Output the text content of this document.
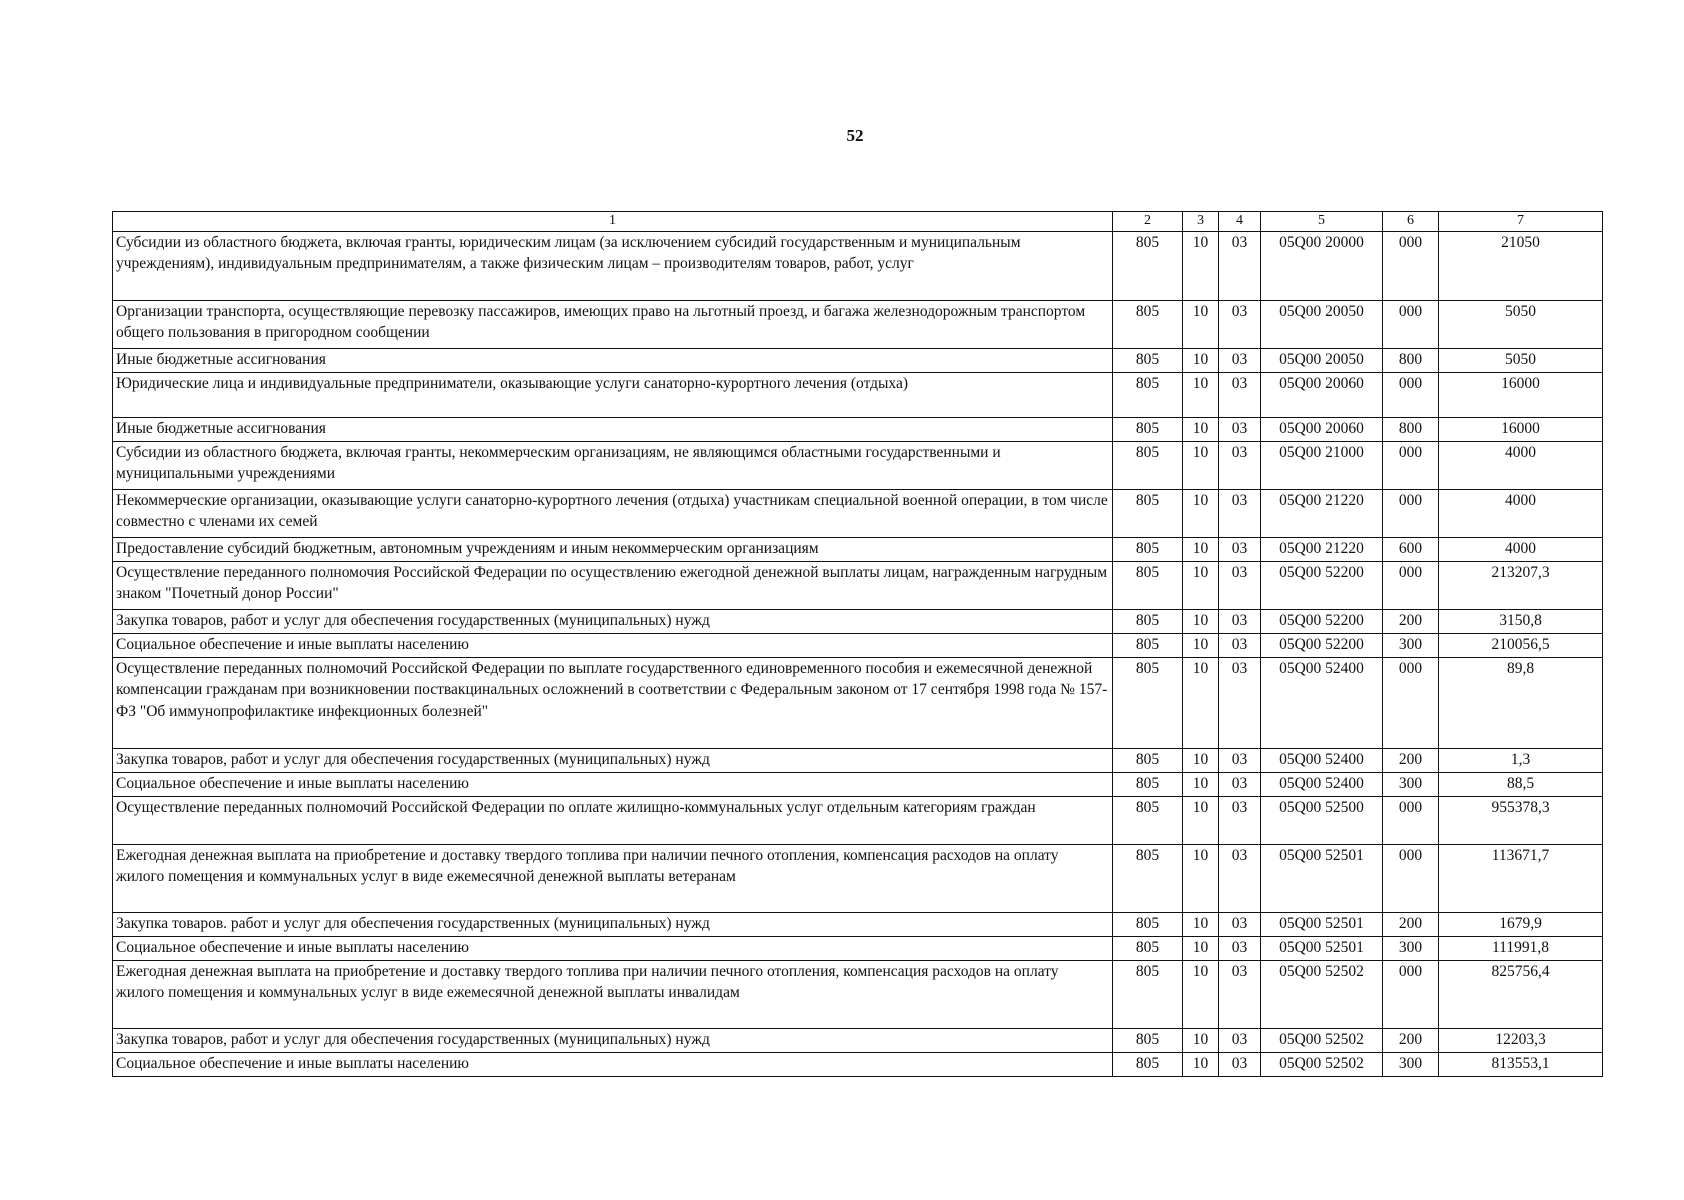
52
1	2	3	4	5	6	7
Субсидии из областного бюджета, включая гранты, юридическим лицам (за исключением субсидий государственным и муниципальным учреждениям), индивидуальным предпринимателям, а также физическим лицам – производителям товаров, работ, услуг	805	10	03	05Q00 20000	000	21050
Организации транспорта, осуществляющие перевозку пассажиров, имеющих право на льготный проезд, и багажа железнодорожным транспортом общего пользования в пригородном сообщении	805	10	03	05Q00 20050	000	5050
Иные бюджетные ассигнования	805	10	03	05Q00 20050	800	5050
Юридические лица и индивидуальные предприниматели, оказывающие услуги санаторно-курортного лечения (отдыха)	805	10	03	05Q00 20060	000	16000
Иные бюджетные ассигнования	805	10	03	05Q00 20060	800	16000
Субсидии из областного бюджета, включая гранты, некоммерческим организациям, не являющимся областными государственными и муниципальными учреждениями	805	10	03	05Q00 21000	000	4000
Некоммерческие организации, оказывающие услуги санаторно-курортного лечения (отдыха) участникам специальной военной операции, в том числе совместно с членами их семей	805	10	03	05Q00 21220	000	4000
Предоставление субсидий бюджетным, автономным учреждениям и иным некоммерческим организациям	805	10	03	05Q00 21220	600	4000
Осуществление переданного полномочия Российской Федерации по осуществлению ежегодной денежной выплаты лицам, награжденным нагрудным знаком "Почетный донор России"	805	10	03	05Q00 52200	000	213207,3
Закупка товаров, работ и услуг для обеспечения государственных (муниципальных) нужд	805	10	03	05Q00 52200	200	3150,8
Социальное обеспечение и иные выплаты населению	805	10	03	05Q00 52200	300	210056,5
Осуществление переданных полномочий Российской Федерации по выплате государственного единовременного пособия и ежемесячной денежной компенсации гражданам при возникновении поствакцинальных осложнений в соответствии с Федеральным законом от 17 сентября 1998 года № 157-ФЗ "Об иммунопрофилактике инфекционных болезней"	805	10	03	05Q00 52400	000	89,8
Закупка товаров, работ и услуг для обеспечения государственных (муниципальных) нужд	805	10	03	05Q00 52400	200	1,3
Социальное обеспечение и иные выплаты населению	805	10	03	05Q00 52400	300	88,5
Осуществление переданных полномочий Российской Федерации по оплате жилищно-коммунальных услуг отдельным категориям граждан	805	10	03	05Q00 52500	000	955378,3
Ежегодная денежная выплата на приобретение и доставку твердого топлива при наличии печного отопления, компенсация расходов на оплату жилого помещения и коммунальных услуг в виде ежемесячной денежной выплаты ветеранам	805	10	03	05Q00 52501	000	113671,7
Закупка товаров. работ и услуг для обеспечения государственных (муниципальных) нужд	805	10	03	05Q00 52501	200	1679,9
Социальное обеспечение и иные выплаты населению	805	10	03	05Q00 52501	300	111991,8
Ежегодная денежная выплата на приобретение и доставку твердого топлива при наличии печного отопления, компенсация расходов на оплату жилого помещения и коммунальных услуг в виде ежемесячной денежной выплаты инвалидам	805	10	03	05Q00 52502	000	825756,4
Закупка товаров, работ и услуг для обеспечения государственных (муниципальных) нужд	805	10	03	05Q00 52502	200	12203,3
Социальное обеспечение и иные выплаты населению	805	10	03	05Q00 52502	300	813553,1
